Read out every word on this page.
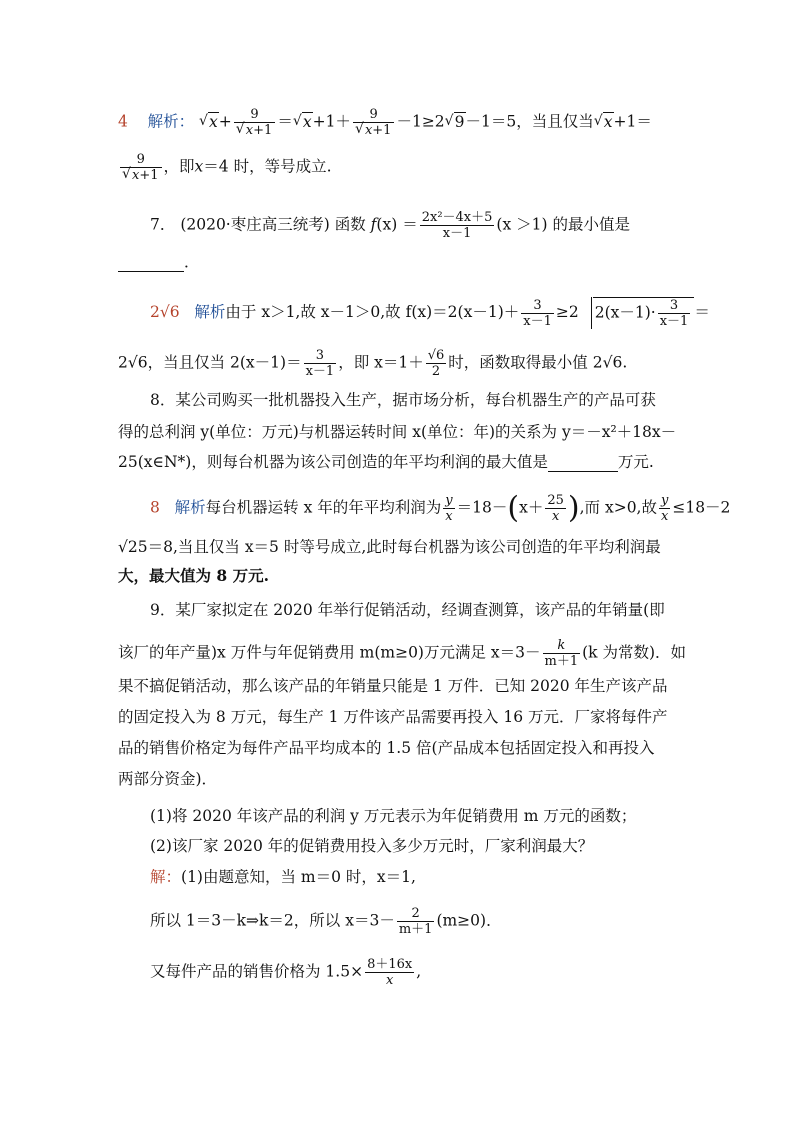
4 解析： √ x+ 9
√ x+1 ＝ √ x+1＋ 9
√ x+1 －1≥2 √ 9－1＝5，当且仅当 √ x+1＝
9
√ x+1 ，即x＝4 时，等号成立.
7． (2020·枣庄高三统考) 函数 $f(x) = \frac{\text{2x²－4x＋5}}{x-1} (x >1)$ 的最小值是
．
2√6 解析由于 x＞1,故 x－1＞0,故 $f(x)=2(x-1)+ \frac{3}{x-1} \ge 2$ $2(x-1)\cdot \frac{3}{x-1}$ ＝
2√6，当且仅当 $2(x-1)= \frac{3}{x-1}$ ，即 $x=1+ \frac{√6}{2}$ 时，函数取得最小值 2√6.
8．某公司购买一批机器投入生产，据市场分析，每台机器生产的产品可获
得的总利润 y(单位：万元)与机器运转时间 x(单位：年)的关系为 y＝－x²＋18x－
25(x∈N*)，则每台机器为该公司创造的年平均利润的最大值是	万元.
8 解析每台机器运转 x 年的年平均利润为 $\frac{y}{x} =18-(x+ \frac{25}{x}$ ),而 x>0,故 $\frac{y}{x} \le 18-2$
√25＝8,当且仅当 x＝5 时等号成立,此时每台机器为该公司创造的年平均利润最
大，最大值为 8 万元.
9．某厂家拟定在 2020 年举行促销活动，经调查测算，该产品的年销量(即
该厂的年产量)x 万件与年促销费用 m(m≥0)万元满足 $x=3- \frac{k}{m+1} (k$ 为常数)．如
果不搞促销活动，那么该产品的年销量只能是 1 万件．已知 2020 年生产该产品
的固定投入为 8 万元，每生产 1 万件该产品需要再投入 16 万元．厂家将每件产
品的销售价格定为每件产品平均成本的 1.5 倍(产品成本包括固定投入和再投入
两部分资金)．
(1)将 2020 年该产品的利润 y 万元表示为年促销费用 m 万元的函数；
(2)该厂家 2020 年的促销费用投入多少万元时，厂家利润最大？
解：(1)由题意知，当 m＝0 时，x＝1,
所以 1＝3－k⇒k＝2，所以 $x=3- \frac{2}{m+1} (m\ge 0)$．
又每件产品的销售价格为 $1.5\times \frac{8+16x}{x}$ ,
